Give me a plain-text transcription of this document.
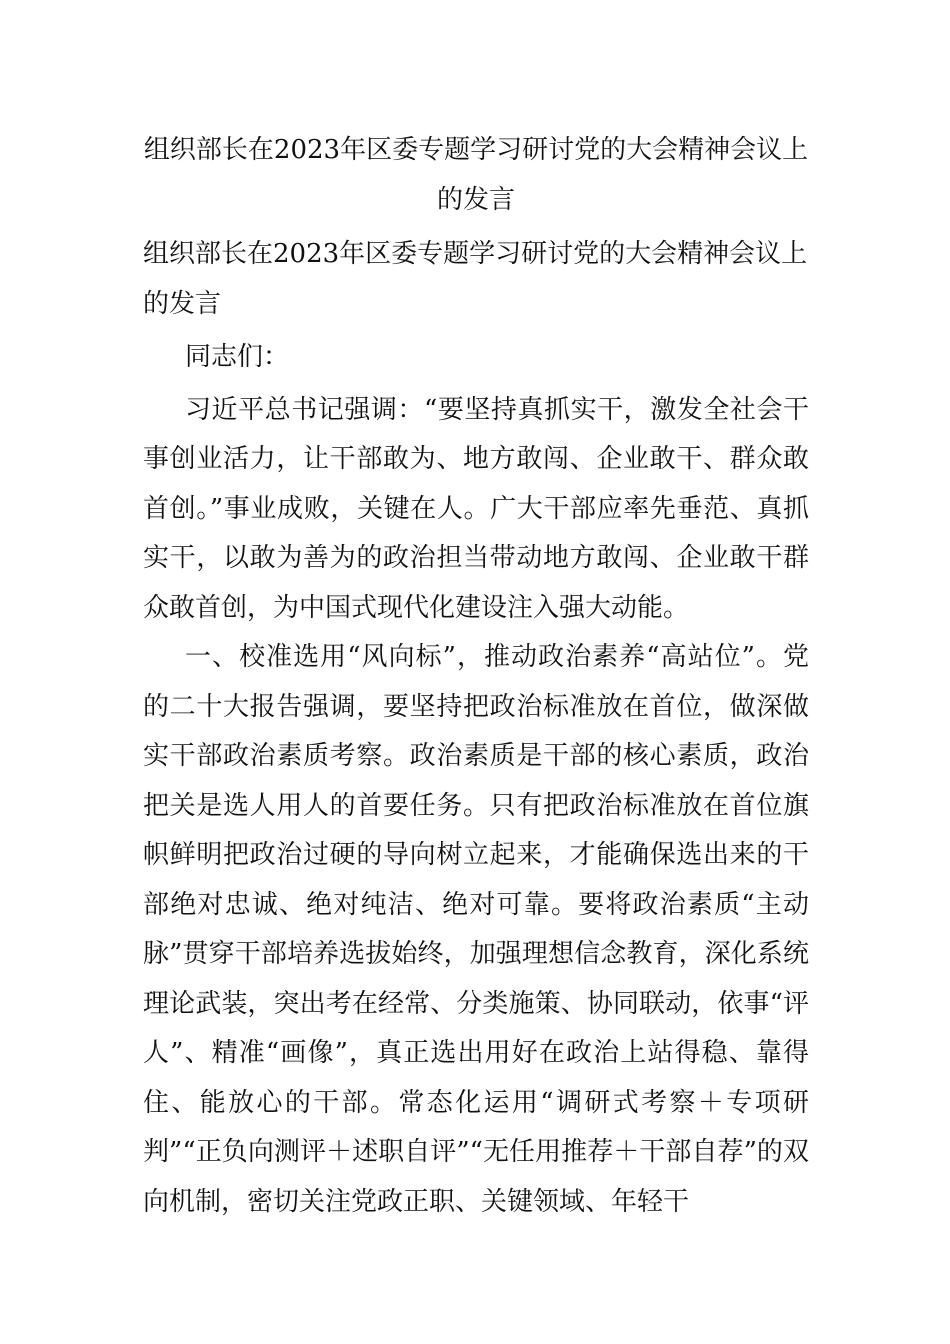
组织部长在2023年区委专题学习研讨党的大会精神会议上的发言
组织部长在2023年区委专题学习研讨党的大会精神会议上的发言

同志们：

习近平总书记强调：“要坚持真抓实干，激发全社会干事创业活力，让干部敢为、地方敢闯、企业敢干、群众敢首创。”事业成败，关键在人。广大干部应率先垂范、真抓实干，以敢为善为的政治担当带动地方敢闯、企业敢干群众敢首创，为中国式现代化建设注入强大动能。

一、校准选用“风向标”，推动政治素养“高站位”。党的二十大报告强调，要坚持把政治标准放在首位，做深做实干部政治素质考察。政治素质是干部的核心素质，政治把关是选人用人的首要任务。只有把政治标准放在首位旗帜鲜明把政治过硬的导向树立起来，才能确保选出来的干部绝对忠诚、绝对纯洁、绝对可靠。要将政治素质“主动脉”贯穿干部培养选拔始终，加强理想信念教育，深化系统理论武装，突出考在经常、分类施策、协同联动，依事“评人”、精准“画像”，真正选出用好在政治上站得稳、靠得住、能放心的干部。常态化运用“调研式考察＋专项研判”“正负向测评＋述职自评”“无任用推荐＋干部自荐”的双向机制，密切关注党政正职、关键领域、年轻干
